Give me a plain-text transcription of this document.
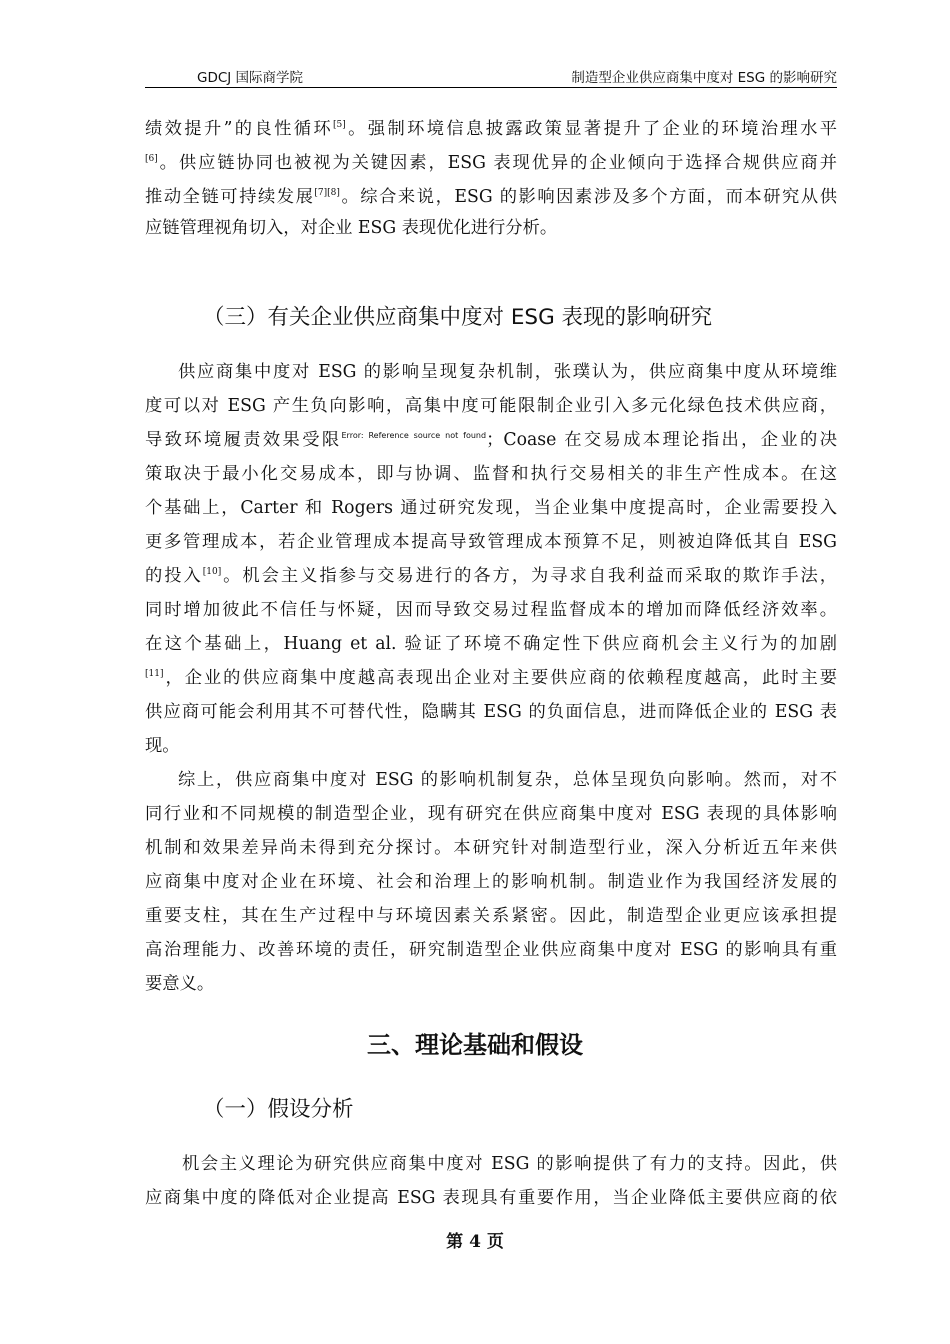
GDCJ 国际商学院	制造型企业供应商集中度对 ESG 的影响研究
绩效提升”的良性循环[5]。强制环境信息披露政策显著提升了企业的环境治理水平
[6]。供应链协同也被视为关键因素，ESG 表现优异的企业倾向于选择合规供应商并
推动全链可持续发展[7][8]。综合来说，ESG 的影响因素涉及多个方面，而本研究从供
应链管理视角切入，对企业 ESG 表现优化进行分析。
（三）有关企业供应商集中度对 ESG 表现的影响研究
供应商集中度对 ESG 的影响呈现复杂机制，张璞认为，供应商集中度从环境维
度可以对 ESG 产生负向影响，高集中度可能限制企业引入多元化绿色技术供应商，
导致环境履责效果受限$^{Error: Reference source not found}$；Coase 在交易成本理论指出，企业的决
策取决于最小化交易成本，即与协调、监督和执行交易相关的非生产性成本。在这
个基础上，Carter 和 Rogers 通过研究发现，当企业集中度提高时，企业需要投入
更多管理成本，若企业管理成本提高导致管理成本预算不足，则被迫降低其自 ESG
的投入[10]。机会主义指参与交易进行的各方，为寻求自我利益而采取的欺诈手法，
同时增加彼此不信任与怀疑，因而导致交易过程监督成本的增加而降低经济效率。
在这个基础上，Huang et al. 验证了环境不确定性下供应商机会主义行为的加剧
[11]，企业的供应商集中度越高表现出企业对主要供应商的依赖程度越高，此时主要
供应商可能会利用其不可替代性，隐瞒其 ESG 的负面信息，进而降低企业的 ESG 表
现。
综上，供应商集中度对 ESG 的影响机制复杂，总体呈现负向影响。然而，对不
同行业和不同规模的制造型企业，现有研究在供应商集中度对 ESG 表现的具体影响
机制和效果差异尚未得到充分探讨。本研究针对制造型行业，深入分析近五年来供
应商集中度对企业在环境、社会和治理上的影响机制。制造业作为我国经济发展的
重要支柱，其在生产过程中与环境因素关系紧密。因此，制造型企业更应该承担提
高治理能力、改善环境的责任，研究制造型企业供应商集中度对 ESG 的影响具有重
要意义。
三、理论基础和假设
（一）假设分析
机会主义理论为研究供应商集中度对 ESG 的影响提供了有力的支持。因此，供
应商集中度的降低对企业提高 ESG 表现具有重要作用，当企业降低主要供应商的依
第 4 页
